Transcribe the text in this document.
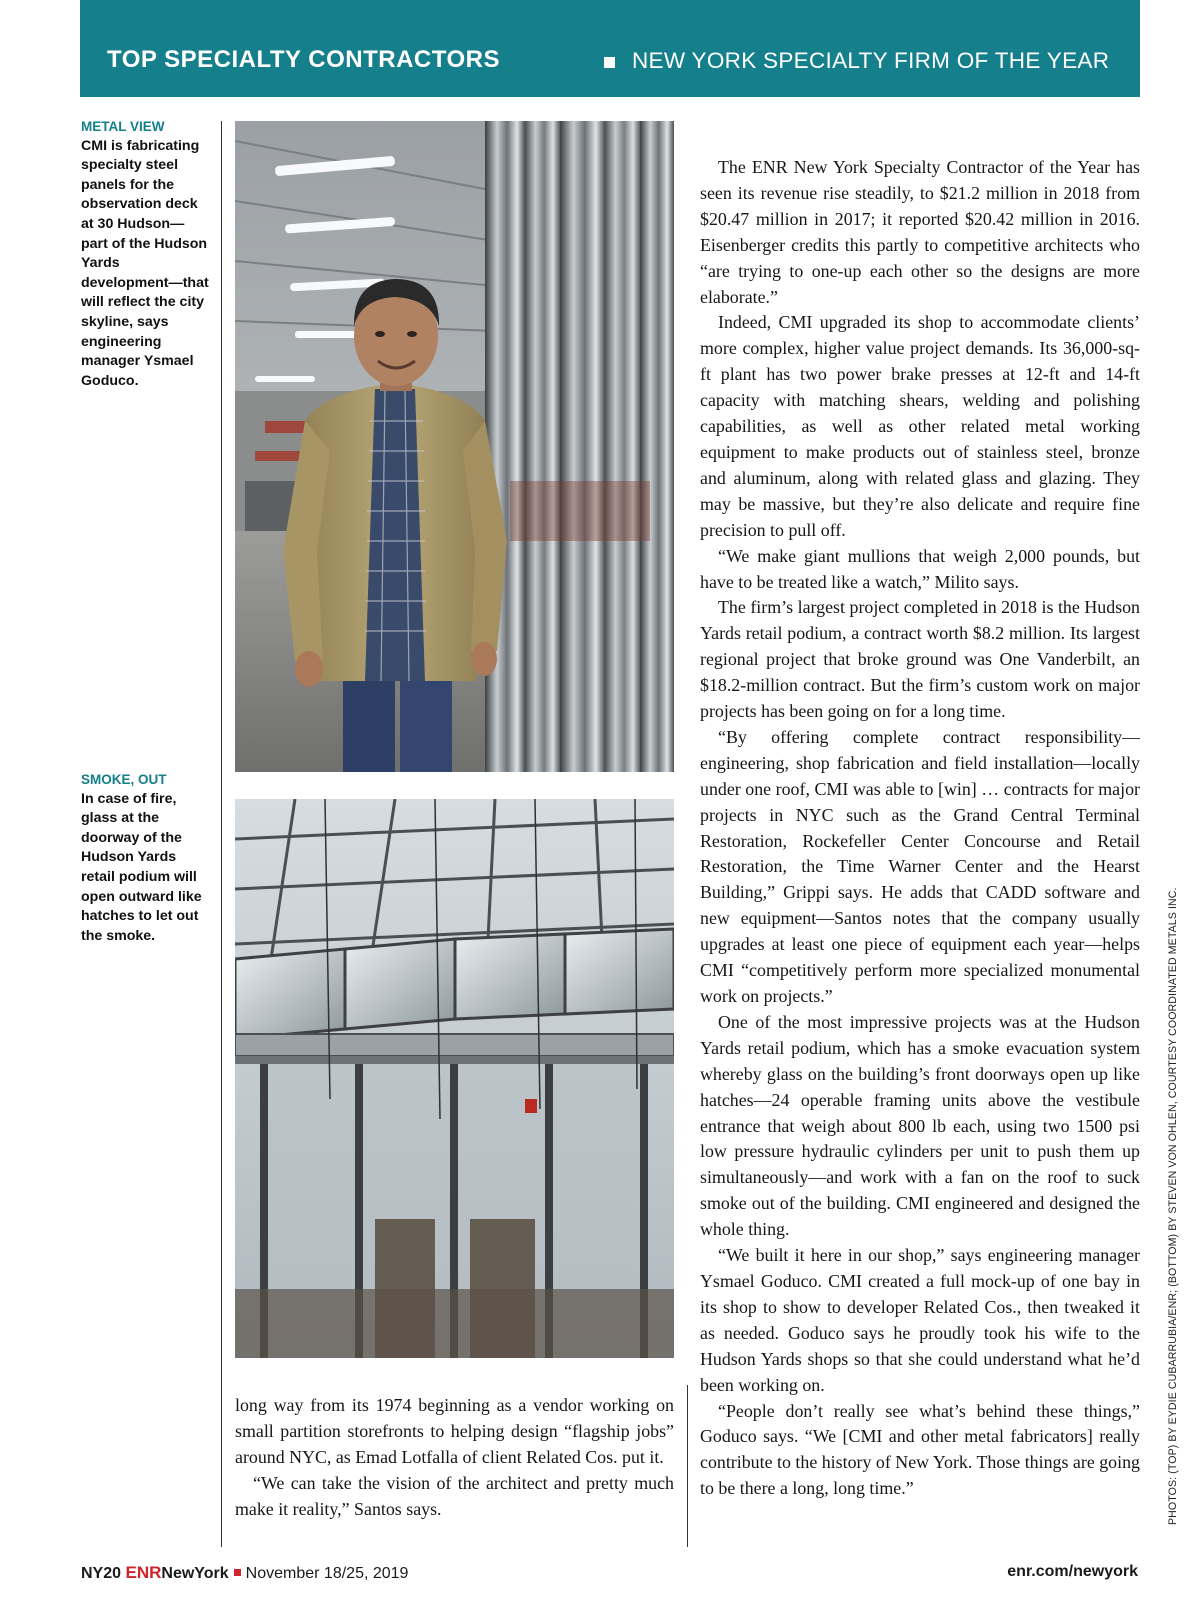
TOP SPECIALTY CONTRACTORS	NEW YORK SPECIALTY FIRM OF THE YEAR
METAL VIEW
CMI is fabricating specialty steel panels for the observation deck at 30 Hudson—part of the Hudson Yards development—that will reflect the city skyline, says engineering manager Ysmael Goduco.
SMOKE, OUT
In case of fire, glass at the doorway of the Hudson Yards retail podium will open outward like hatches to let out the smoke.

long way from its 1974 beginning as a vendor working on small partition storefronts to helping design “flagship jobs” around NYC, as Emad Lotfalla of client Related Cos. put it.

“We can take the vision of the architect and pretty much make it reality,” Santos says.

The ENR New York Specialty Contractor of the Year has seen its revenue rise steadily, to $21.2 million in 2018 from $20.47 million in 2017; it reported $20.42 million in 2016. Eisenberger credits this partly to competitive architects who “are trying to one-up each other so the designs are more elaborate.”

Indeed, CMI upgraded its shop to accommodate clients’ more complex, higher value project demands. Its 36,000-sq-ft plant has two power brake presses at 12-ft and 14-ft capacity with matching shears, welding and polishing capabilities, as well as other related metal working equipment to make products out of stainless steel, bronze and aluminum, along with related glass and glazing. They may be massive, but they’re also delicate and require fine precision to pull off.

“We make giant mullions that weigh 2,000 pounds, but have to be treated like a watch,” Milito says.

The firm’s largest project completed in 2018 is the Hudson Yards retail podium, a contract worth $8.2 million. Its largest regional project that broke ground was One Vanderbilt, an $18.2-million contract. But the firm’s custom work on major projects has been going on for a long time.

“By offering complete contract responsibility—engineering, shop fabrication and field installation—locally under one roof, CMI was able to [win] … contracts for major projects in NYC such as the Grand Central Terminal Restoration, Rockefeller Center Concourse and Retail Restoration, the Time Warner Center and the Hearst Building,” Grippi says. He adds that CADD software and new equipment—Santos notes that the company usually upgrades at least one piece of equipment each year—helps CMI “competitively perform more specialized monumental work on projects.”

One of the most impressive projects was at the Hudson Yards retail podium, which has a smoke evacuation system whereby glass on the building’s front doorways open up like hatches—24 operable framing units above the vestibule entrance that weigh about 800 lb each, using two 1500 psi low pressure hydraulic cylinders per unit to push them up simultaneously—and work with a fan on the roof to suck smoke out of the building. CMI engineered and designed the whole thing.

“We built it here in our shop,” says engineering manager Ysmael Goduco. CMI created a full mock-up of one bay in its shop to show to developer Related Cos., then tweaked it as needed. Goduco says he proudly took his wife to the Hudson Yards shops so that she could understand what he’d been working on.

“People don’t really see what’s behind these things,” Goduco says. “We [CMI and other metal fabricators] really contribute to the history of New York. Those things are going to be there a long, long time.”	PHOTOS: (TOP) BY EYDIE CUBARRUBIA/ENR; (BOTTOM) BY STEVEN VON OHLEN, COURTESY COORDINATED METALS INC.
NY20 ENRNewYork November 18/25, 2019	enr.com/newyork
